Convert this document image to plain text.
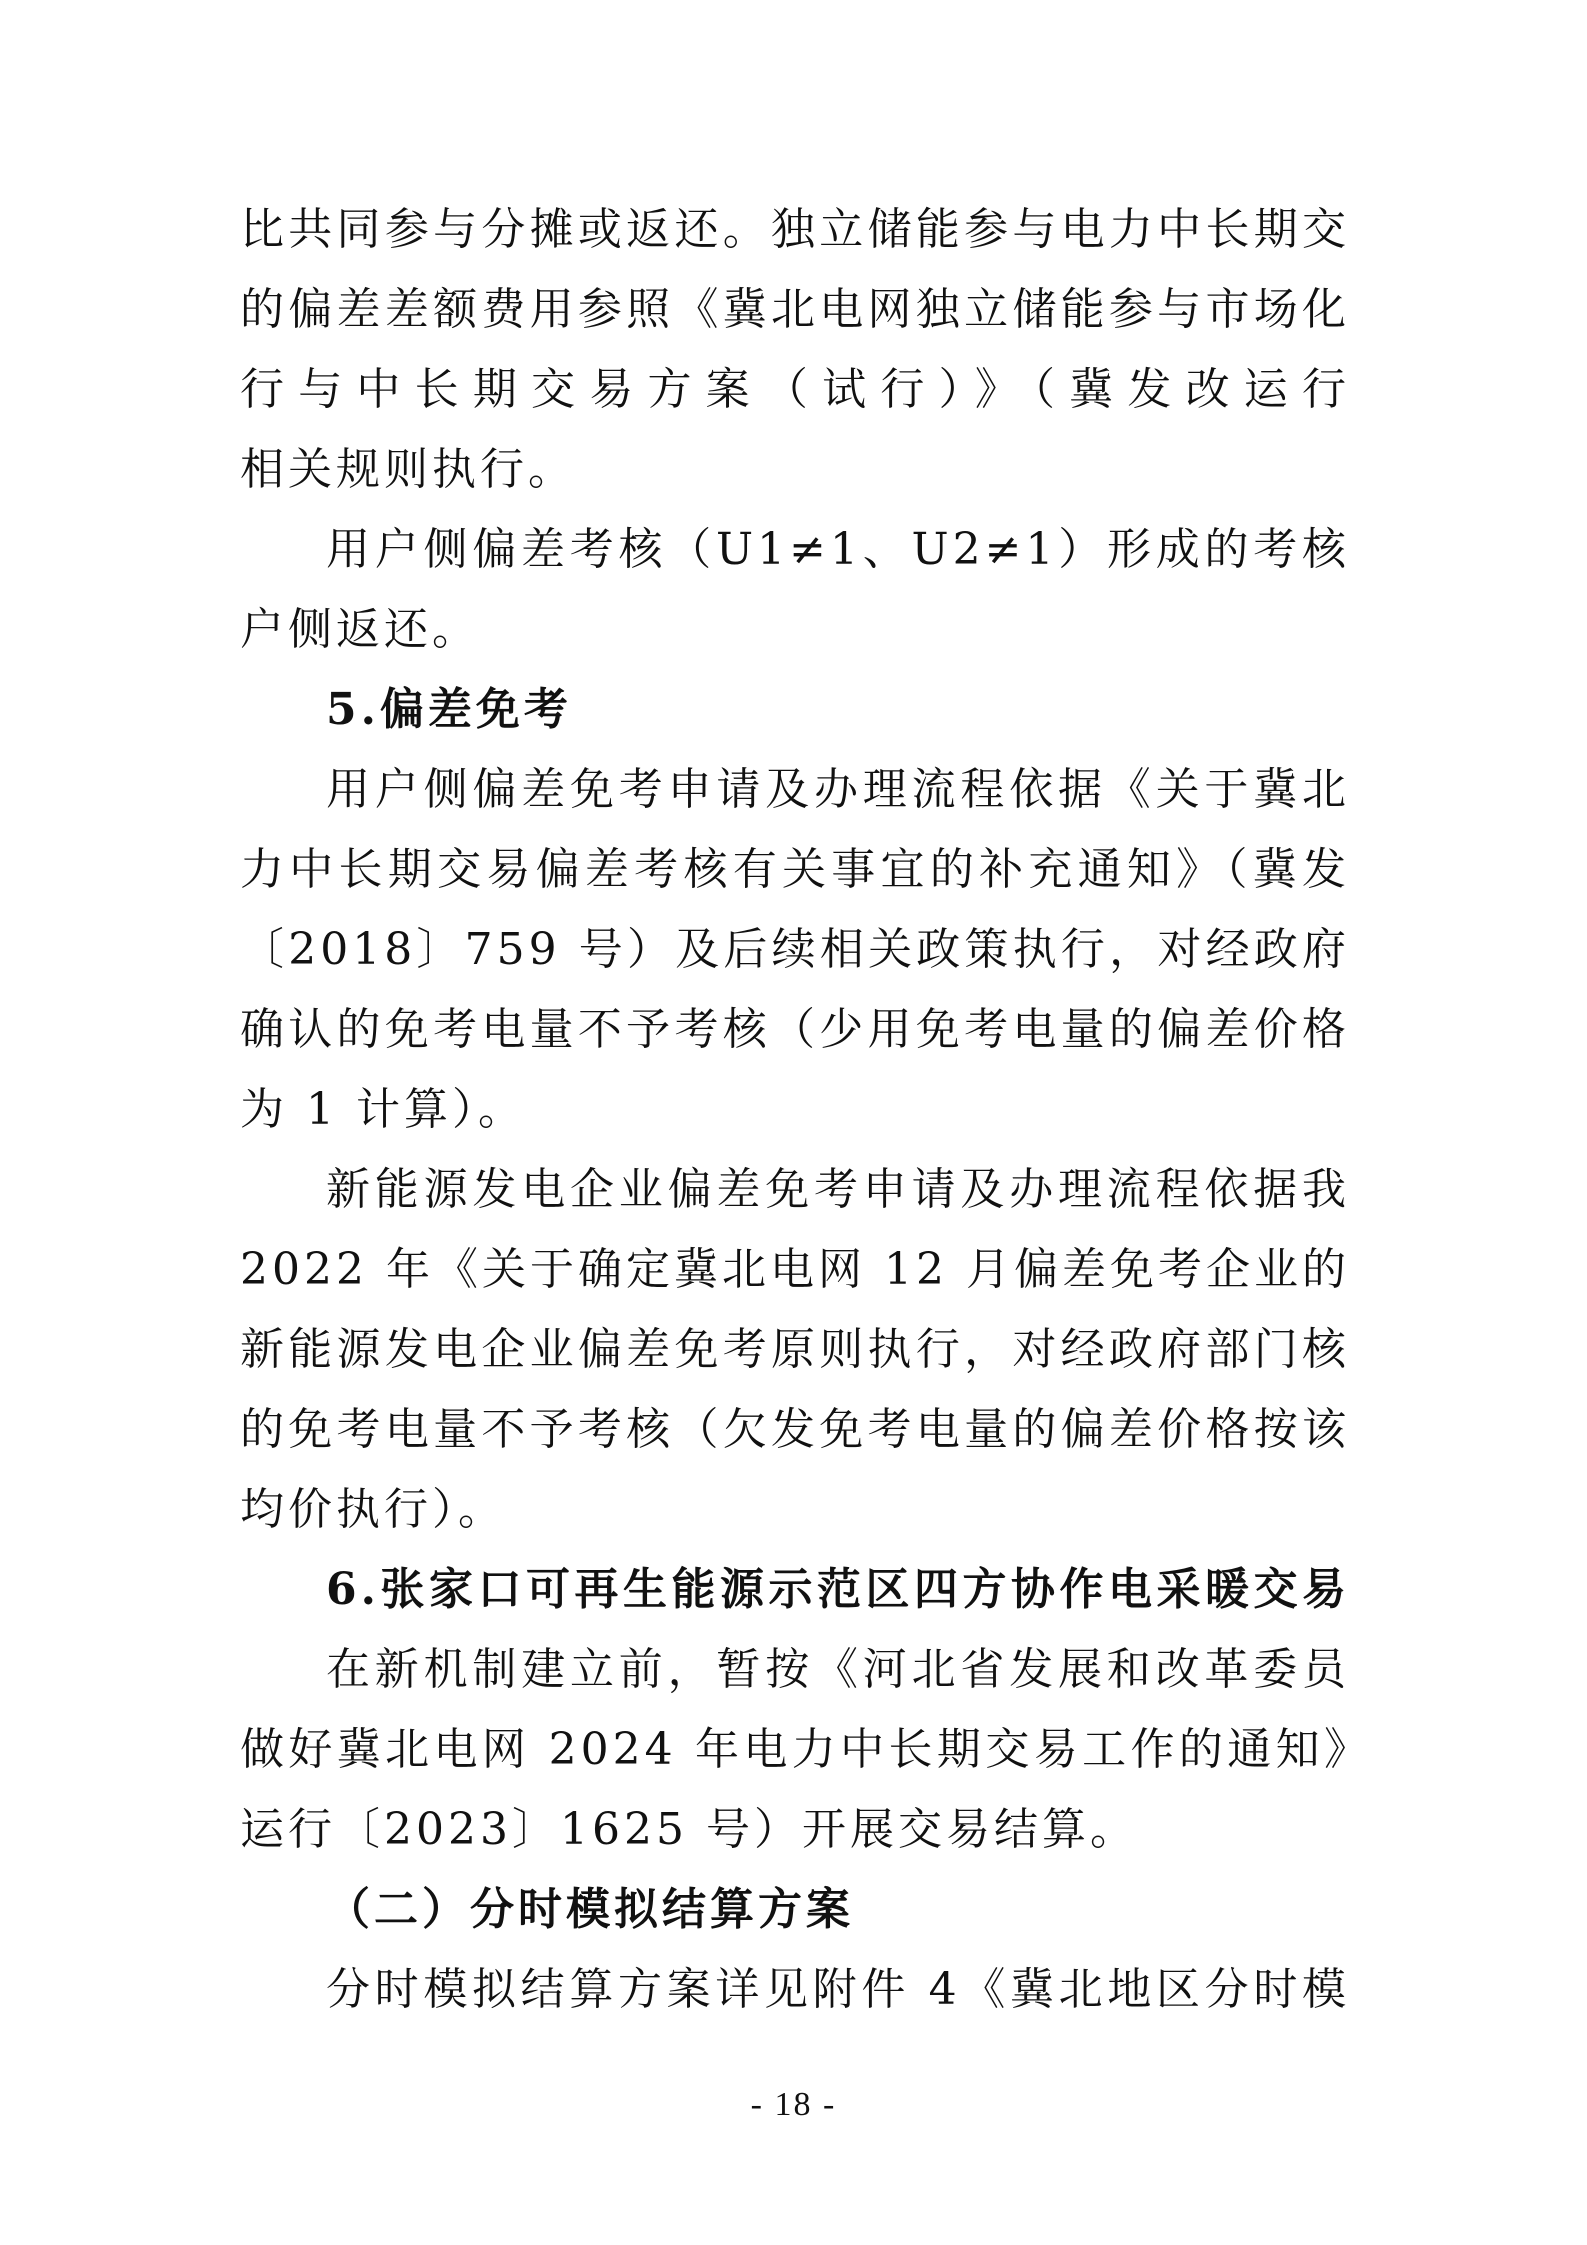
比共同参与分摊或返还。独立储能参与电力中长期交
的偏差差额费用参照《冀北电网独立储能参与市场化
行与中长期交易方案（试行）》（冀发改运行
相关规则执行。
用户侧偏差考核（U1≠1、U2≠1）形成的考核
户侧返还。
5.偏差免考
用户侧偏差免考申请及办理流程依据《关于冀北
力中长期交易偏差考核有关事宜的补充通知》（冀发
〔2018〕759 号）及后续相关政策执行，对经政府
确认的免考电量不予考核（少用免考电量的偏差价格
为 1 计算）。
新能源发电企业偏差免考申请及办理流程依据我
2022 年《关于确定冀北电网 12 月偏差免考企业的
新能源发电企业偏差免考原则执行，对经政府部门核
的免考电量不予考核（欠发免考电量的偏差价格按该
均价执行）。
6.张家口可再生能源示范区四方协作电采暖交易
在新机制建立前，暂按《河北省发展和改革委员
做好冀北电网 2024 年电力中长期交易工作的通知》
运行〔2023〕1625 号）开展交易结算。
（二）分时模拟结算方案
分时模拟结算方案详见附件 4《冀北地区分时模
- 18 -
